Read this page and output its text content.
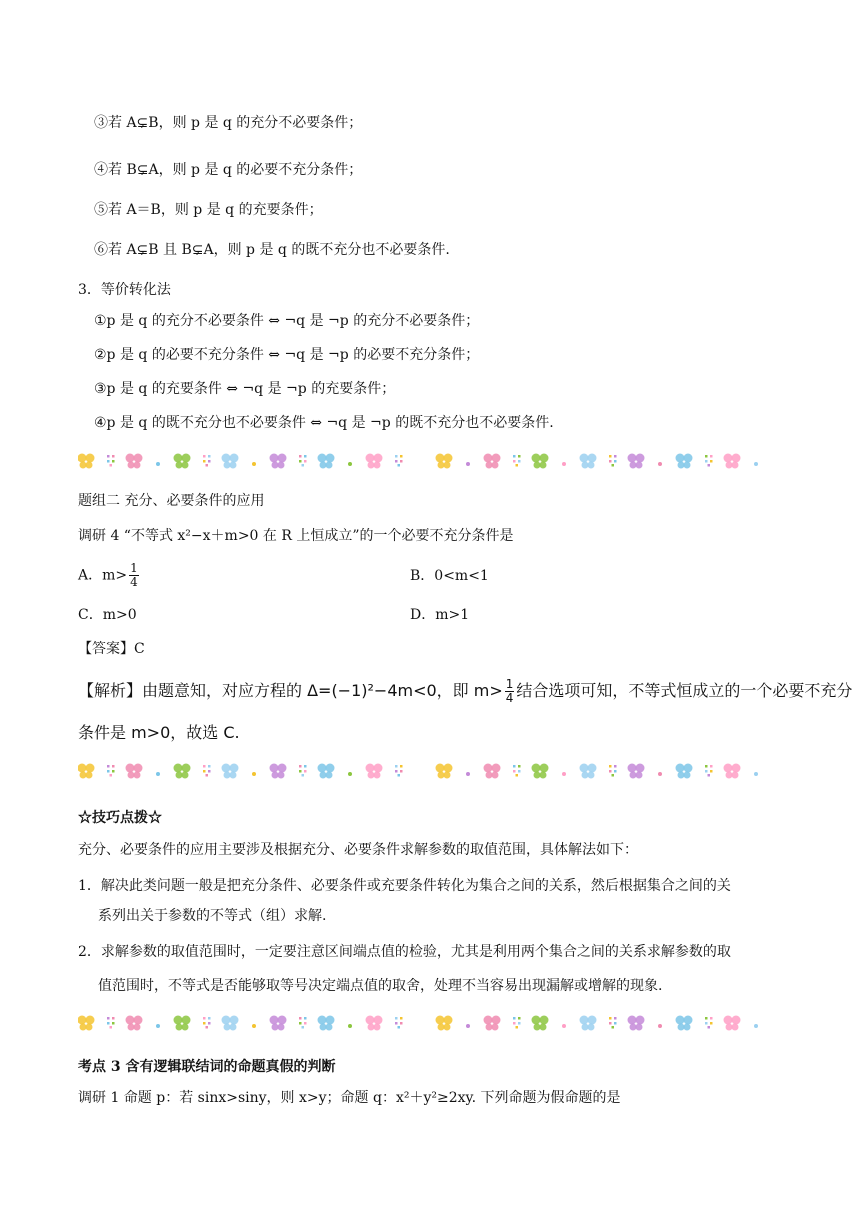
③若 A⊊B，则 p 是 q 的充分不必要条件；
④若 B⊊A，则 p 是 q 的必要不充分条件；
⑤若 A＝B，则 p 是 q 的充要条件；
⑥若 A⊊B 且 B⊊A，则 p 是 q 的既不充分也不必要条件.
3．等价转化法
①p 是 q 的充分不必要条件 ⇔ ¬q 是 ¬p 的充分不必要条件；
②p 是 q 的必要不充分条件 ⇔ ¬q 是 ¬p 的必要不充分条件；
③p 是 q 的充要条件 ⇔ ¬q 是 ¬p 的充要条件；
④p 是 q 的既不充分也不必要条件 ⇔ ¬q 是 ¬p 的既不充分也不必要条件.
题组二 充分、必要条件的应用
调研 4 “不等式 x²−x＋m>0 在 R 上恒成立”的一个必要不充分条件是
A．$m> \frac{1}{4}$	B．0<m<1
C．m>0	D．m>1
【答案】C
【解析】由题意知，对应方程的 Δ=(−1)²−4m<0，即 $m> \frac{1}{4}$ 结合选项可知，不等式恒成立的一个必要不充分
条件是 m>0，故选 C.
☆技巧点拨☆
充分、必要条件的应用主要涉及根据充分、必要条件求解参数的取值范围，具体解法如下：
1．解决此类问题一般是把充分条件、必要条件或充要条件转化为集合之间的关系，然后根据集合之间的关
系列出关于参数的不等式（组）求解.
2．求解参数的取值范围时，一定要注意区间端点值的检验，尤其是利用两个集合之间的关系求解参数的取
值范围时，不等式是否能够取等号决定端点值的取舍，处理不当容易出现漏解或增解的现象.
考点 3 含有逻辑联结词的命题真假的判断
调研 1 命题 p：若 sinx>siny，则 x>y；命题 q：x²＋y²≥2xy. 下列命题为假命题的是
